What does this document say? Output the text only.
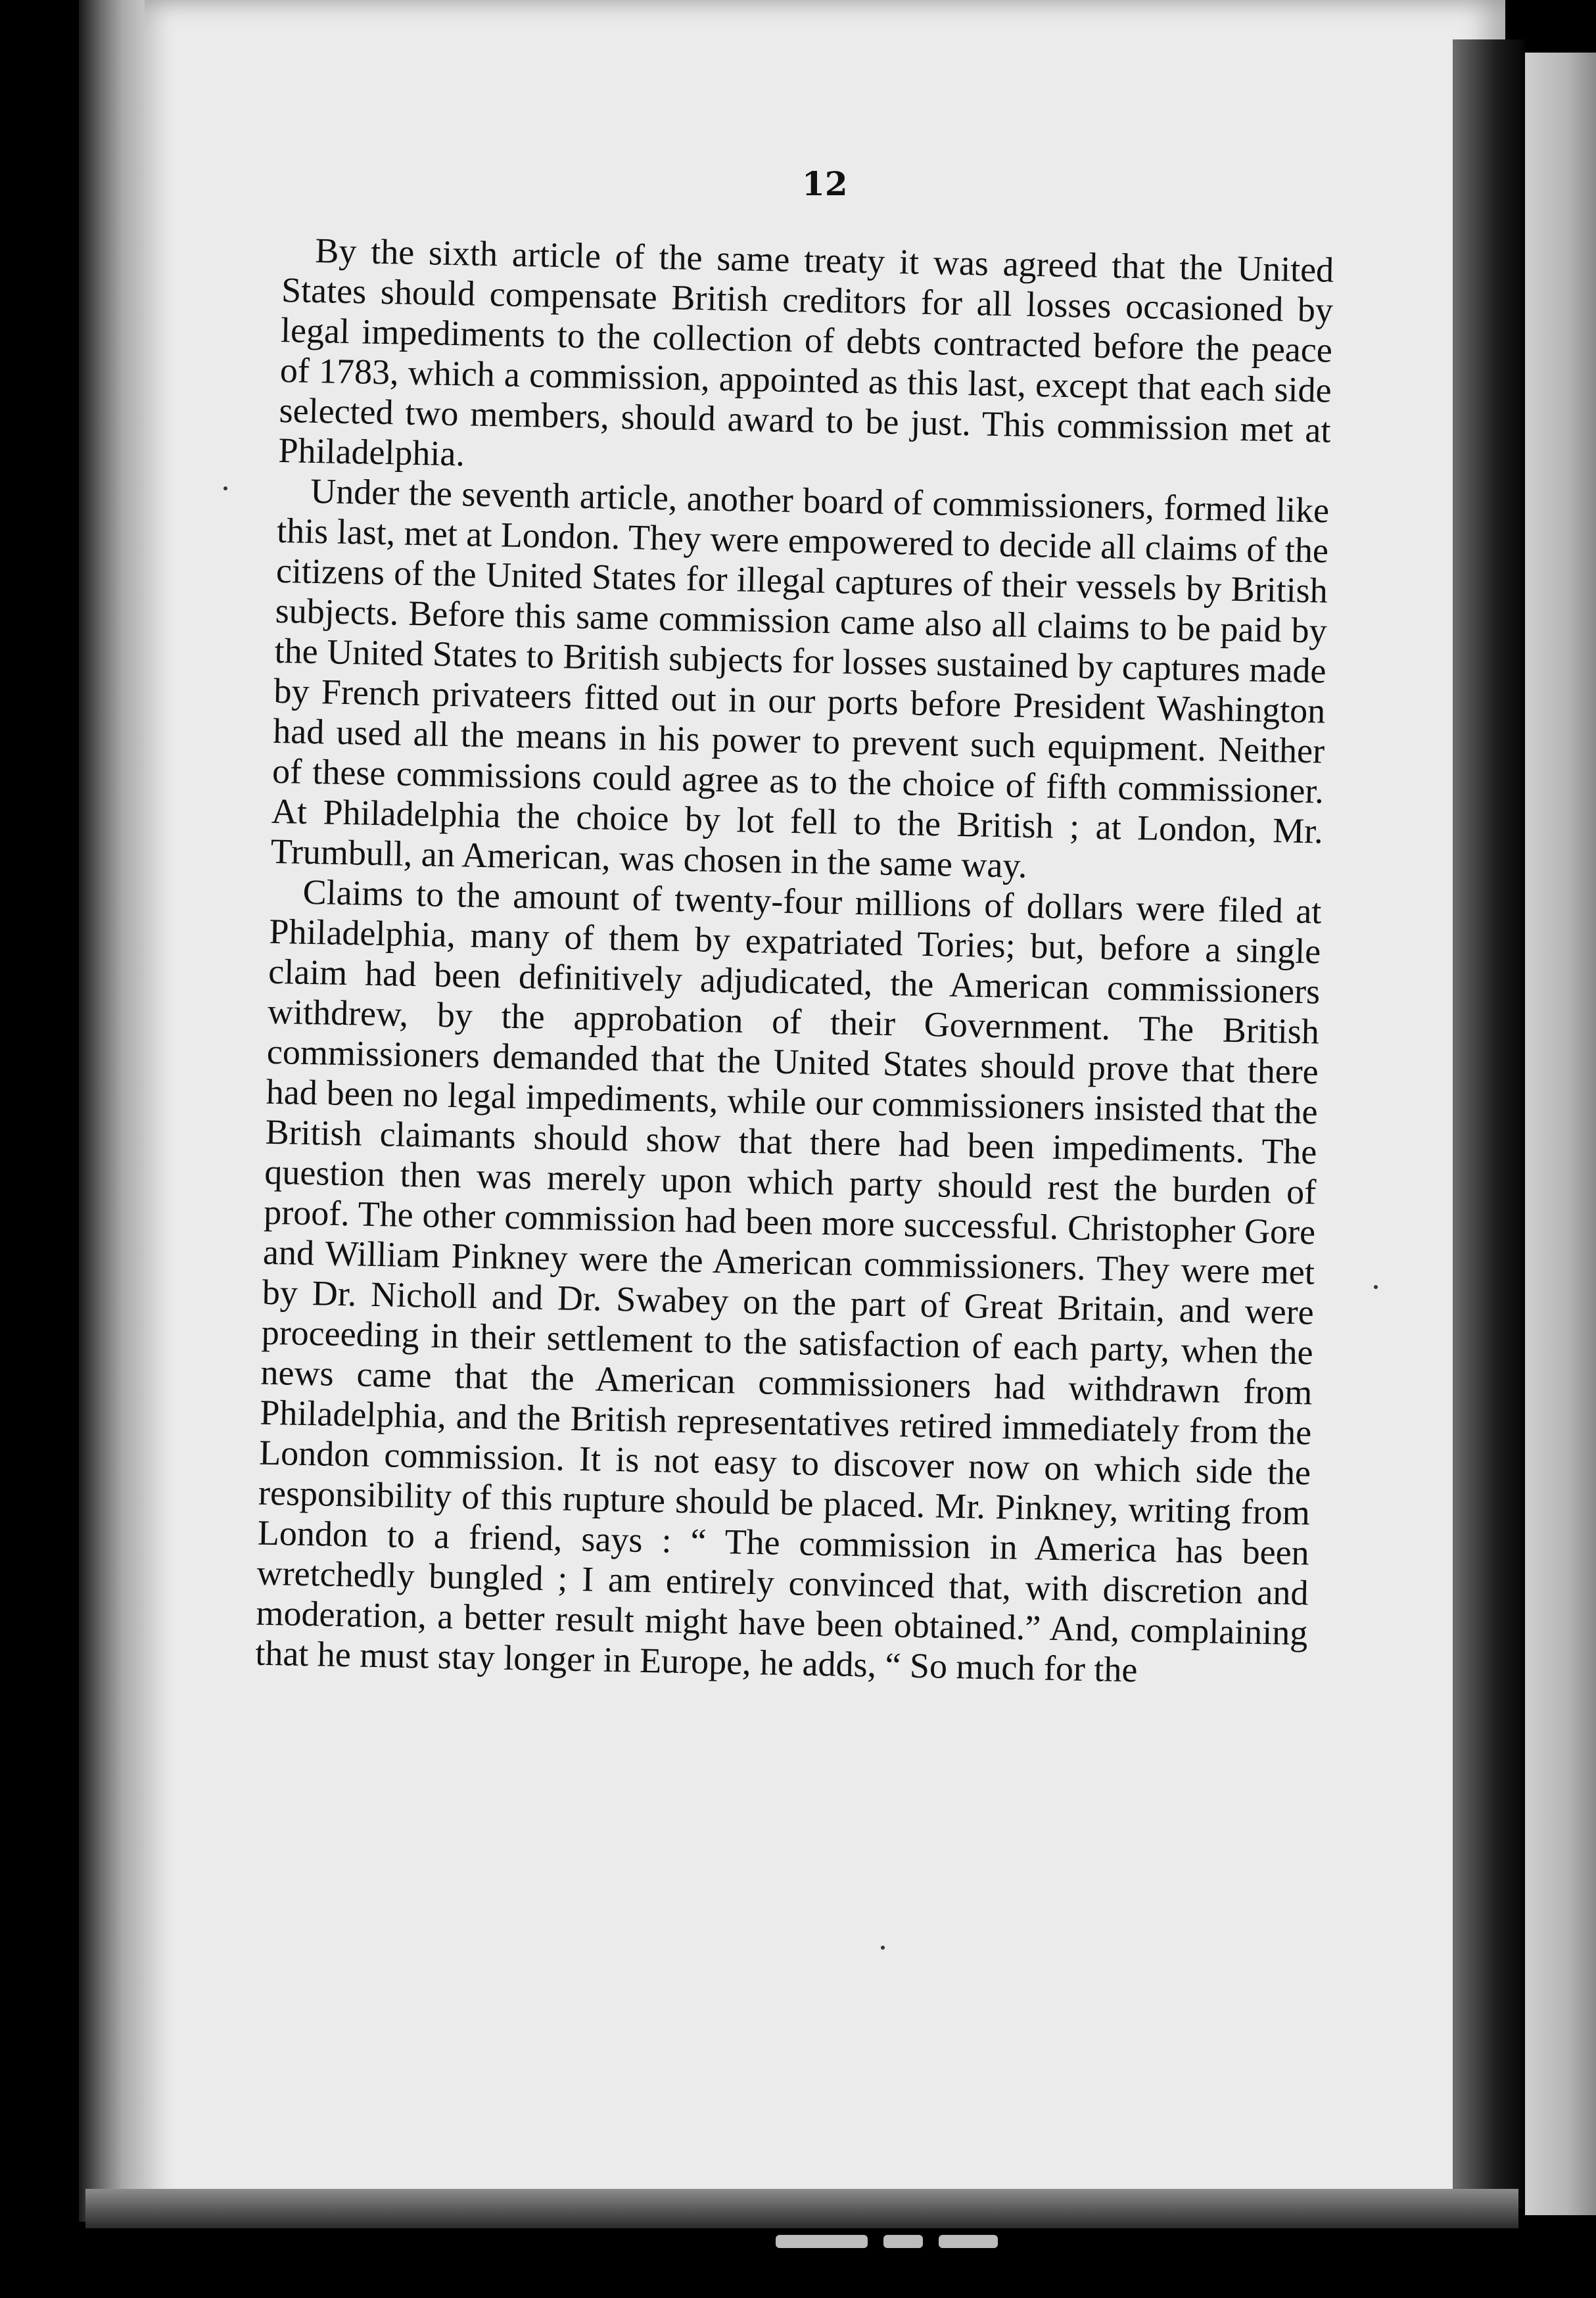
12

By the sixth article of the same treaty it was agreed that the United States should compensate British creditors for all losses occasioned by legal impediments to the collection of debts contracted before the peace of 1783, which a commission, appointed as this last, except that each side selected two members, should award to be just. This commission met at Philadelphia.

Under the seventh article, another board of commissioners, formed like this last, met at London. They were empowered to decide all claims of the citizens of the United States for illegal captures of their vessels by British subjects. Before this same commission came also all claims to be paid by the United States to British subjects for losses sustained by captures made by French privateers fitted out in our ports before President Washington had used all the means in his power to prevent such equipment. Neither of these commissions could agree as to the choice of fifth commissioner. At Philadelphia the choice by lot fell to the British ; at London, Mr. Trumbull, an American, was chosen in the same way.

Claims to the amount of twenty-four millions of dollars were filed at Philadelphia, many of them by expatriated Tories; but, before a single claim had been definitively adjudicated, the American commissioners withdrew, by the approbation of their Government. The British commissioners demanded that the United States should prove that there had been no legal impediments, while our commissioners insisted that the British claimants should show that there had been impediments. The question then was merely upon which party should rest the burden of proof. The other commission had been more successful. Christopher Gore and William Pinkney were the American commissioners. They were met by Dr. Nicholl and Dr. Swabey on the part of Great Britain, and were proceeding in their settlement to the satisfaction of each party, when the news came that the American commissioners had withdrawn from Philadelphia, and the British representatives retired immediately from the London commission. It is not easy to discover now on which side the responsibility of this rupture should be placed. Mr. Pinkney, writing from London to a friend, says : “ The commission in America has been wretchedly bungled ; I am entirely convinced that, with discretion and moderation, a better result might have been obtained.” And, complaining that he must stay longer in Europe, he adds, “ So much for the
